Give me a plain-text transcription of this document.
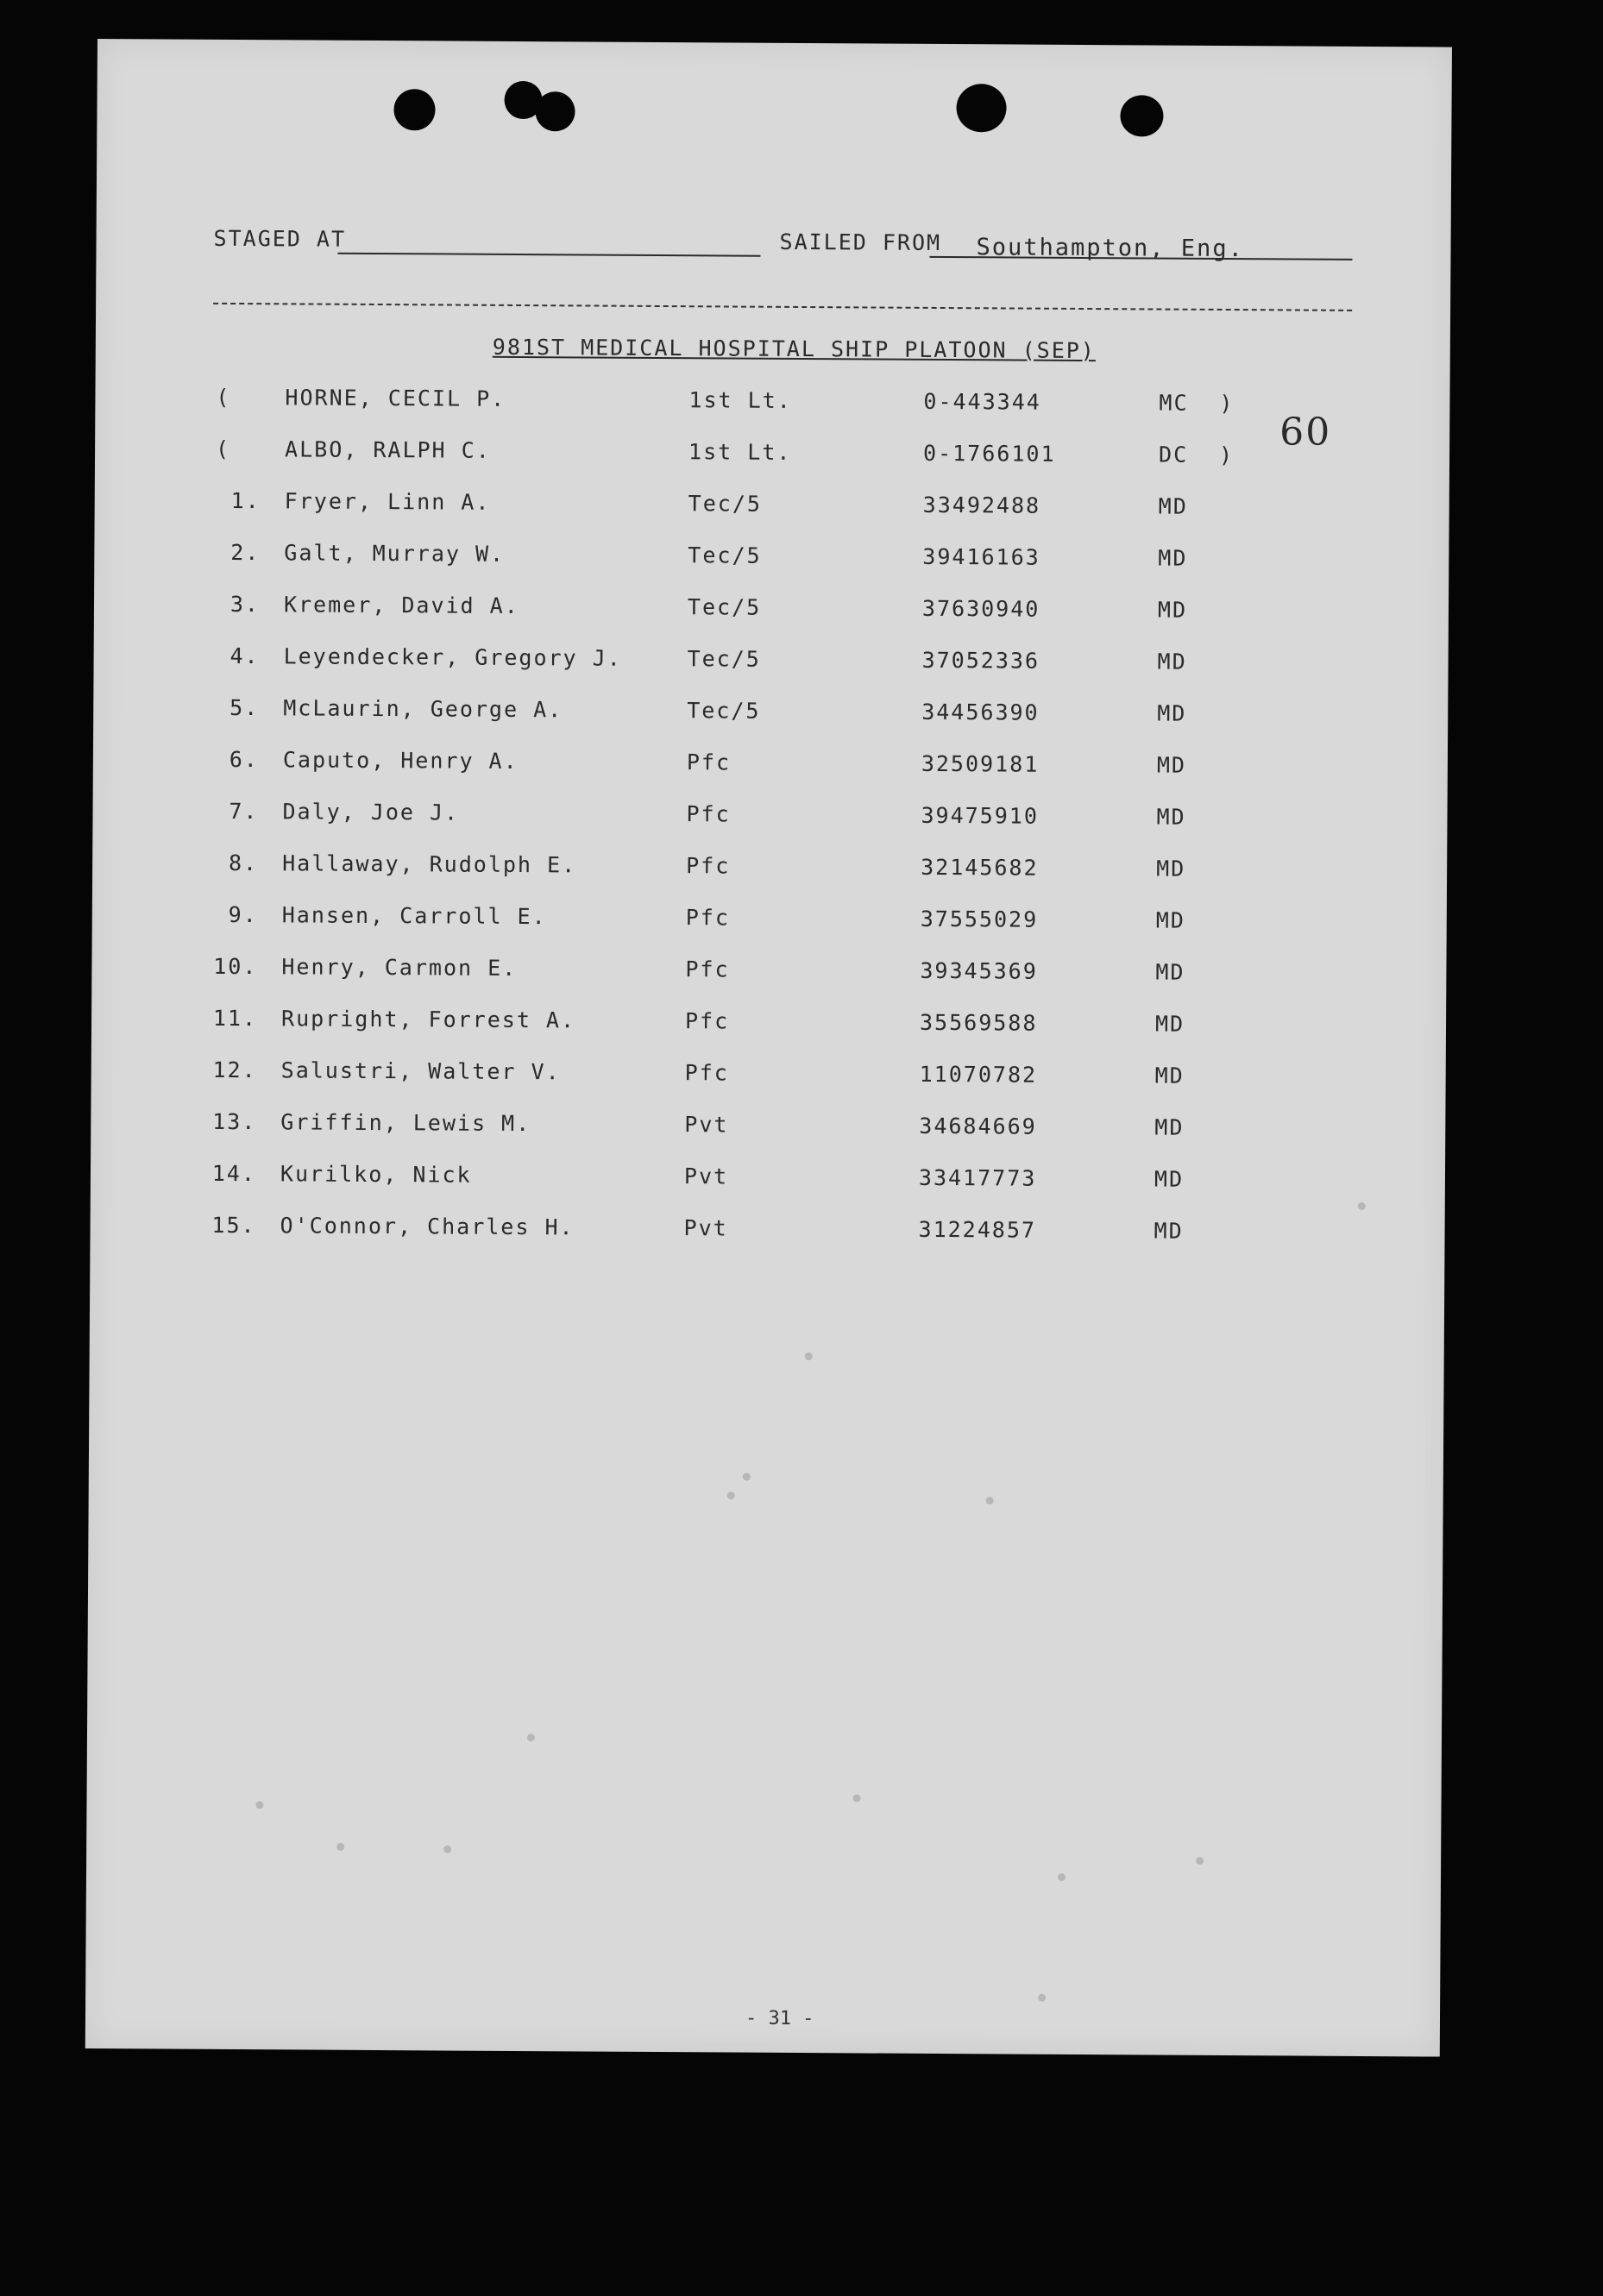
STAGED AT	SAILED FROM Southampton, Eng.
981ST MEDICAL HOSPITAL SHIP PLATOON (SEP)
60
(	HORNE, CECIL P.	1st Lt.	0-443344	MC )
(	ALBO, RALPH C.	1st Lt.	0-1766101	DC )
1. Fryer, Linn A.	Tec/5	33492488	MD
2. Galt, Murray W.	Tec/5	39416163	MD
3. Kremer, David A.	Tec/5	37630940	MD
4. Leyendecker, Gregory J.	Tec/5	37052336	MD
5. McLaurin, George A.	Tec/5	34456390	MD
6. Caputo, Henry A.	Pfc	32509181	MD
7. Daly, Joe J.	Pfc	39475910	MD
8. Hallaway, Rudolph E.	Pfc	32145682	MD
9. Hansen, Carroll E.	Pfc	37555029	MD
10. Henry, Carmon E.	Pfc	39345369	MD
11. Rupright, Forrest A.	Pfc	35569588	MD
12. Salustri, Walter V.	Pfc	11070782	MD
13. Griffin, Lewis M.	Pvt	34684669	MD
14. Kurilko, Nick	Pvt	33417773	MD
15. O'Connor, Charles H.	Pvt	31224857	MD
- 31 -
